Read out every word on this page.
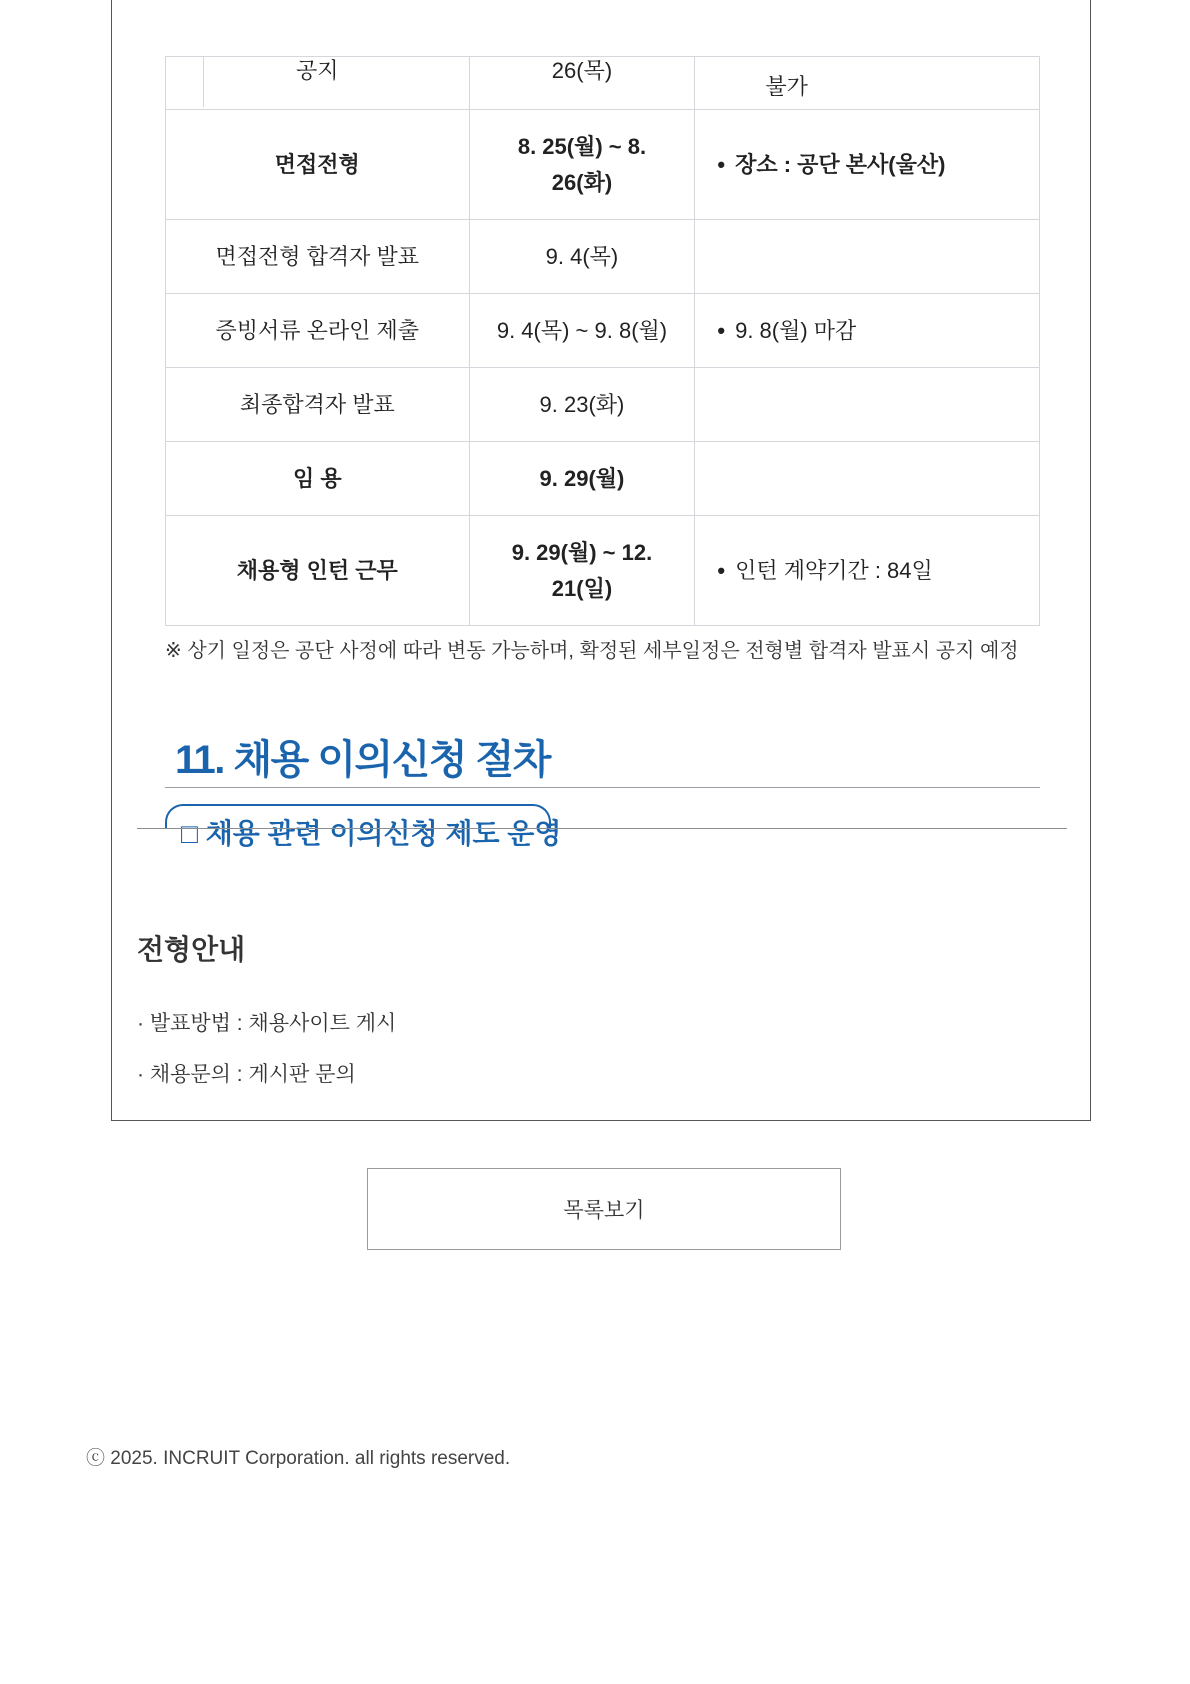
공지	26(목)	불가
면접전형	8. 25(월) ~ 8. 26(화)	• 장소 : 공단 본사(울산)
면접전형 합격자 발표	9. 4(목)	
증빙서류 온라인 제출	9. 4(목) ~ 9. 8(월)	• 9. 8(월) 마감
최종합격자 발표	9. 23(화)	
임 용	9. 29(월)	
채용형 인턴 근무	9. 29(월) ~ 12. 21(일)	• 인턴 계약기간 : 84일
※ 상기 일정은 공단 사정에 따라 변동 가능하며, 확정된 세부일정은 전형별 합격자 발표시 공지 예정
11. 채용 이의신청 절차
□ 채용 관련 이의신청 제도 운영
전형안내
· 발표방법 : 채용사이트 게시
· 채용문의 : 게시판 문의
목록보기
ⓒ 2025. INCRUIT Corporation. all rights reserved.
